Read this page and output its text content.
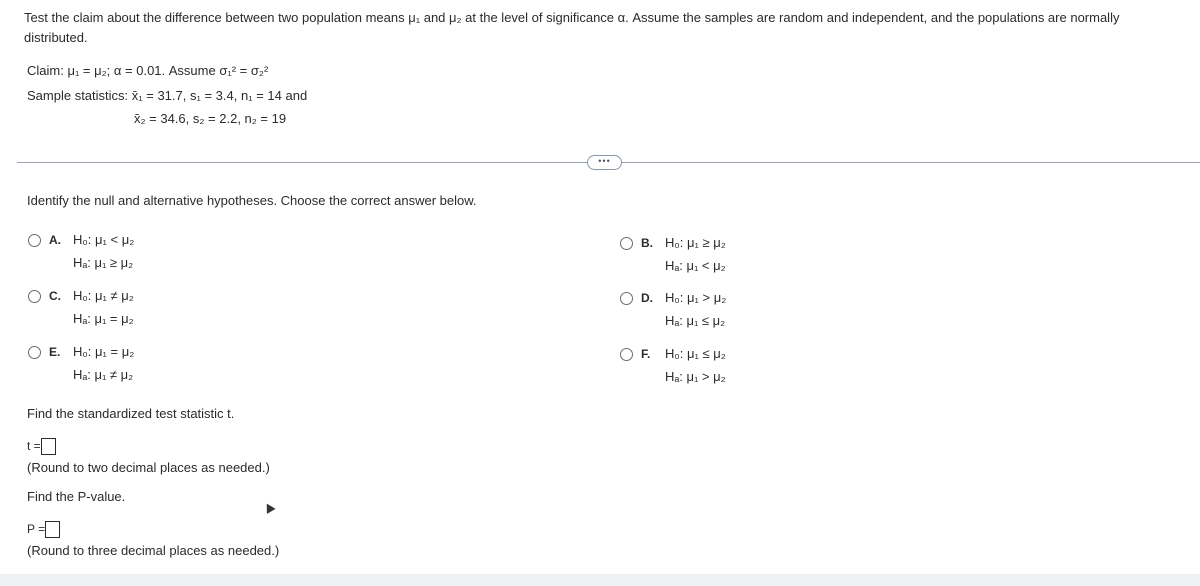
Test the claim about the difference between two population means μ₁ and μ₂ at the level of significance α. Assume the samples are random and independent, and the populations are normally
distributed.
Claim: μ₁ = μ₂; α = 0.01. Assume σ₁² = σ₂²
Sample statistics: x̄₁ = 31.7, s₁ = 3.4, n₁ = 14 and
x̄₂ = 34.6, s₂ = 2.2, n₂ = 19
•••
Identify the null and alternative hypotheses. Choose the correct answer below.
A. H₀: μ₁ < μ₂
Hₐ: μ₁ ≥ μ₂
C. H₀: μ₁ ≠ μ₂
Hₐ: μ₁ = μ₂
E. H₀: μ₁ = μ₂
Hₐ: μ₁ ≠ μ₂
B. H₀: μ₁ ≥ μ₂
Hₐ: μ₁ < μ₂
D. H₀: μ₁ > μ₂
Hₐ: μ₁ ≤ μ₂
F. H₀: μ₁ ≤ μ₂
Hₐ: μ₁ > μ₂
Find the standardized test statistic t.
t =
(Round to two decimal places as needed.)
Find the P-value.
P =
(Round to three decimal places as needed.)
